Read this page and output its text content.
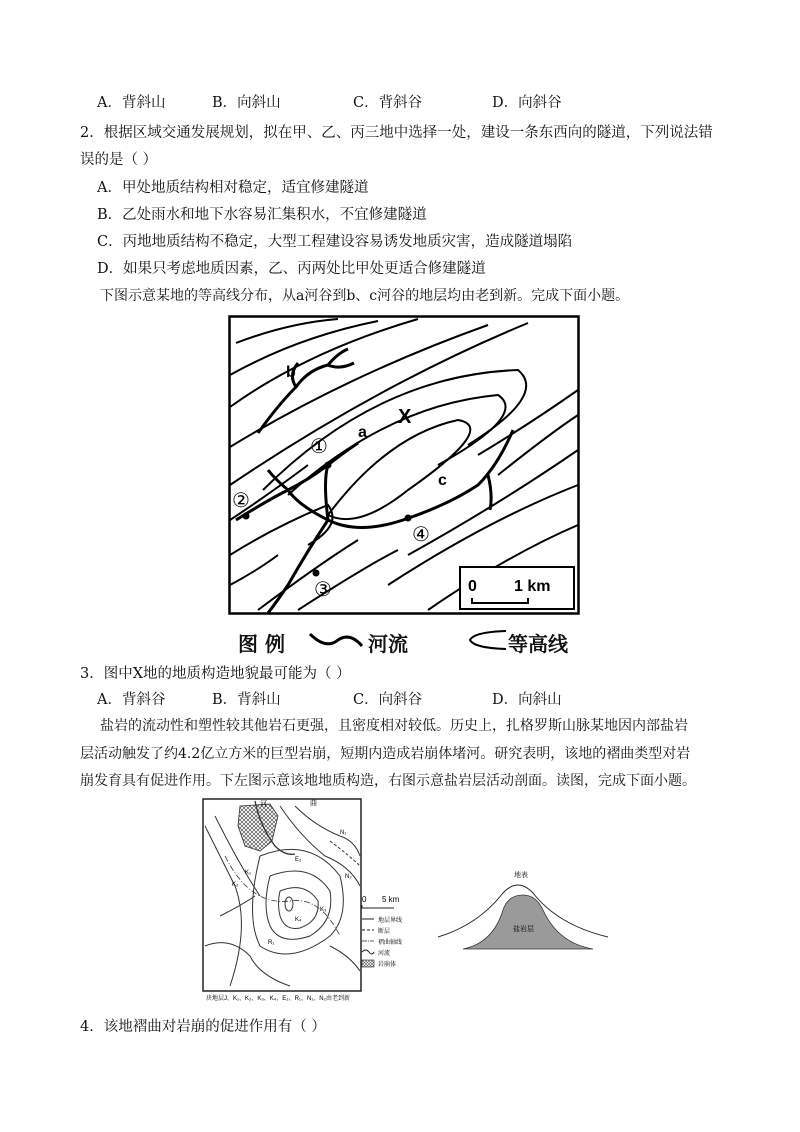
A．背斜山	B．向斜山	C．背斜谷	D．向斜谷
2．根据区域交通发展规划，拟在甲、乙、丙三地中选择一处，建设一条东西向的隧道，下列说法错
误的是（ ）
A．甲处地质结构相对稳定，适宜修建隧道
B．乙处雨水和地下水容易汇集积水，不宜修建隧道
C．丙地地质结构不稳定，大型工程建设容易诱发地质灾害，造成隧道塌陷
D．如果只考虑地质因素，乙、丙两处比甲处更适合修建隧道
下图示意某地的等高线分布，从a河谷到b、c河谷的地层均由老到新。完成下面小题。
b
a
c
X
①
②
③
④
0 1 km
图 例	河流	等高线
3．图中X地的地质构造地貌最可能为（ ）
A．背斜谷	B．背斜山	C．向斜谷	D．向斜山
盐岩的流动性和塑性较其他岩石更强，且密度相对较低。历史上，扎格罗斯山脉某地因内部盐岩
层活动触发了约4.2亿立方米的巨型岩崩，短期内造成岩崩体堵河。研究表明，该地的褶曲类型对岩
崩发育具有促进作用。下左图示意该地地质构造，右图示意盐岩层活动剖面。读图，完成下面小题。
河	曲
K₁
K₂
K₃
K₄
E₂
N₁
R₁
N₂
块地层J、K₁、K₂、K₃、K₄、E₂、R₁、N₁、N₂由老到新
0 5 km
地层界线
断层
褶曲轴线
河流
岩崩体
地表
盐岩层
4．该地褶曲对岩崩的促进作用有（ ）
